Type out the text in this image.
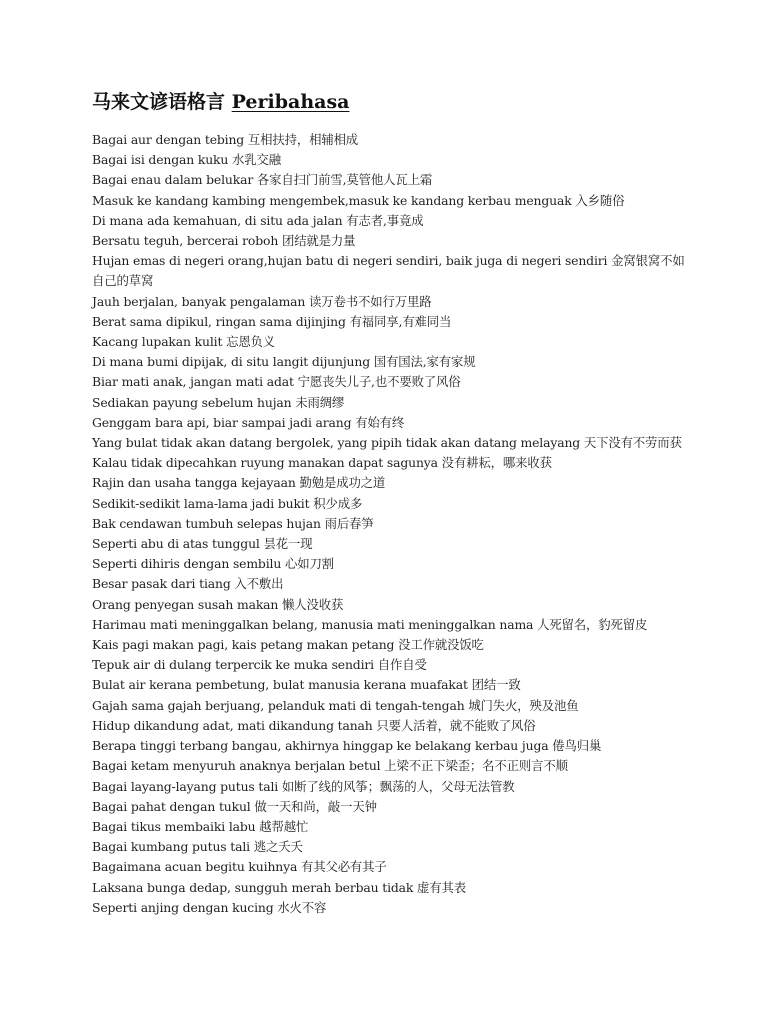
马来文谚语格言 Peribahasa
Bagai aur dengan tebing 互相扶持，相辅相成
Bagai isi dengan kuku 水乳交融
Bagai enau dalam belukar 各家自扫门前雪,莫管他人瓦上霜
Masuk ke kandang kambing mengembek,masuk ke kandang kerbau menguak 入乡随俗
Di mana ada kemahuan, di situ ada jalan 有志者,事竟成
Bersatu teguh, bercerai roboh 团结就是力量
Hujan emas di negeri orang,hujan batu di negeri sendiri, baik juga di negeri sendiri 金窝银窝不如自己的草窝
Jauh berjalan, banyak pengalaman 读万卷书不如行万里路
Berat sama dipikul, ringan sama dijinjing 有福同享,有难同当
Kacang lupakan kulit 忘恩负义
Di mana bumi dipijak, di situ langit dijunjung 国有国法,家有家规
Biar mati anak, jangan mati adat 宁愿丧失儿子,也不要败了风俗
Sediakan payung sebelum hujan 未雨绸缪
Genggam bara api, biar sampai jadi arang 有始有终
Yang bulat tidak akan datang bergolek, yang pipih tidak akan datang melayang 天下没有不劳而获
Kalau tidak dipecahkan ruyung manakan dapat sagunya 没有耕耘，哪来收获
Rajin dan usaha tangga kejayaan 勤勉是成功之道
Sedikit-sedikit lama-lama jadi bukit 积少成多
Bak cendawan tumbuh selepas hujan 雨后春笋
Seperti abu di atas tunggul 昙花一现
Seperti dihiris dengan sembilu 心如刀割
Besar pasak dari tiang 入不敷出
Orang penyegan susah makan 懒人没收获
Harimau mati meninggalkan belang, manusia mati meninggalkan nama 人死留名，豹死留皮
Kais pagi makan pagi, kais petang makan petang 没工作就没饭吃
Tepuk air di dulang terpercik ke muka sendiri 自作自受
Bulat air kerana pembetung, bulat manusia kerana muafakat 团结一致
Gajah sama gajah berjuang, pelanduk mati di tengah-tengah 城门失火，殃及池鱼
Hidup dikandung adat, mati dikandung tanah 只要人活着，就不能败了风俗
Berapa tinggi terbang bangau, akhirnya hinggap ke belakang kerbau juga 倦鸟归巢
Bagai ketam menyuruh anaknya berjalan betul 上梁不正下梁歪；名不正则言不顺
Bagai layang-layang putus tali 如断了线的风筝；飘荡的人，父母无法管教
Bagai pahat dengan tukul 做一天和尚，敲一天钟
Bagai tikus membaiki labu 越帮越忙
Bagai kumbang putus tali 逃之夭夭
Bagaimana acuan begitu kuihnya 有其父必有其子
Laksana bunga dedap, sungguh merah berbau tidak 虚有其表
Seperti anjing dengan kucing 水火不容
